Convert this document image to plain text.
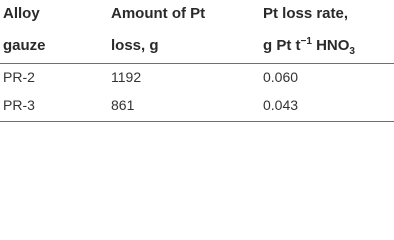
Alloy	Amount of Pt	Pt loss rate,
gauze	loss, g	g Pt $t^{-1}$ $HNO_3$
PR-2	1192	0.060
PR-3	861	0.043
